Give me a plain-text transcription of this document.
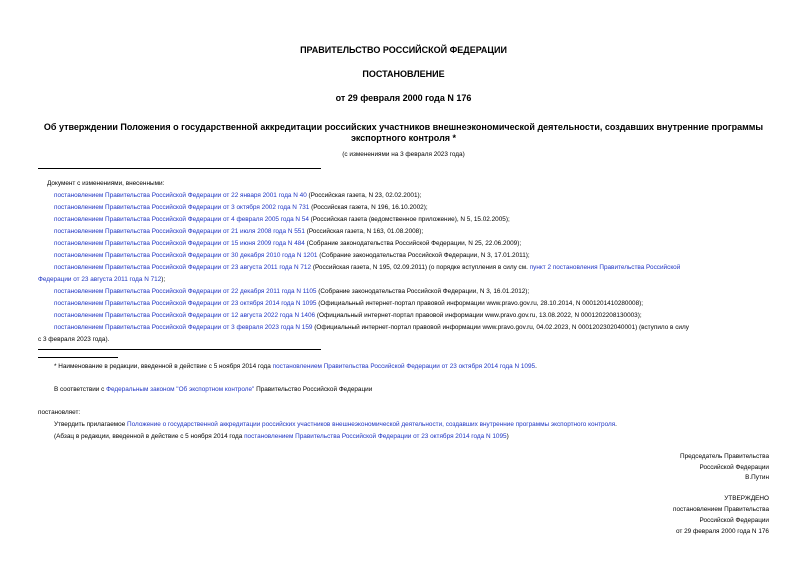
ПРАВИТЕЛЬСТВО РОССИЙСКОЙ ФЕДЕРАЦИИ
ПОСТАНОВЛЕНИЕ
от 29 февраля 2000 года N 176
Об утверждении Положения о государственной аккредитации российских участников внешнеэкономической деятельности, создавших внутренние программы
экспортного контроля *
(с изменениями на 3 февраля 2023 года)
Документ с изменениями, внесенными:
постановлением Правительства Российской Федерации от 22 января 2001 года N 40 (Российская газета, N 23, 02.02.2001);
постановлением Правительства Российской Федерации от 3 октября 2002 года N 731 (Российская газета, N 196, 16.10.2002);
постановлением Правительства Российской Федерации от 4 февраля 2005 года N 54 (Российская газета (ведомственное приложение), N 5, 15.02.2005);
постановлением Правительства Российской Федерации от 21 июля 2008 года N 551 (Российская газета, N 163, 01.08.2008);
постановлением Правительства Российской Федерации от 15 июня 2009 года N 484 (Собрание законодательства Российской Федерации, N 25, 22.06.2009);
постановлением Правительства Российской Федерации от 30 декабря 2010 года N 1201 (Собрание законодательства Российской Федерации, N 3, 17.01.2011);
постановлением Правительства Российской Федерации от 23 августа 2011 года N 712 (Российская газета, N 195, 02.09.2011) (о порядке вступления в силу см. пункт 2 постановления Правительства Российской
Федерации от 23 августа 2011 года N 712);
постановлением Правительства Российской Федерации от 22 декабря 2011 года N 1105 (Собрание законодательства Российской Федерации, N 3, 16.01.2012);
постановлением Правительства Российской Федерации от 23 октября 2014 года N 1095 (Официальный интернет-портал правовой информации www.pravo.gov.ru, 28.10.2014, N 0001201410280008);
постановлением Правительства Российской Федерации от 12 августа 2022 года N 1406 (Официальный интернет-портал правовой информации www.pravo.gov.ru, 13.08.2022, N 0001202208130003);
постановлением Правительства Российской Федерации от 3 февраля 2023 года N 159 (Официальный интернет-портал правовой информации www.pravo.gov.ru, 04.02.2023, N 0001202302040001) (вступило в силу
с 3 февраля 2023 года).
* Наименование в редакции, введенной в действие с 5 ноября 2014 года постановлением Правительства Российской Федерации от 23 октября 2014 года N 1095.
В соответствии с Федеральным законом "Об экспортном контроле" Правительство Российской Федерации
постановляет:
Утвердить прилагаемое Положение о государственной аккредитации российских участников внешнеэкономической деятельности, создавших внутренние программы экспортного контроля.
(Абзац в редакции, введенной в действие с 5 ноября 2014 года постановлением Правительства Российской Федерации от 23 октября 2014 года N 1095)
Председатель Правительства
Российской Федерации
В.Путин
УТВЕРЖДЕНО
постановлением Правительства
Российской Федерации
от 29 февраля 2000 года N 176
